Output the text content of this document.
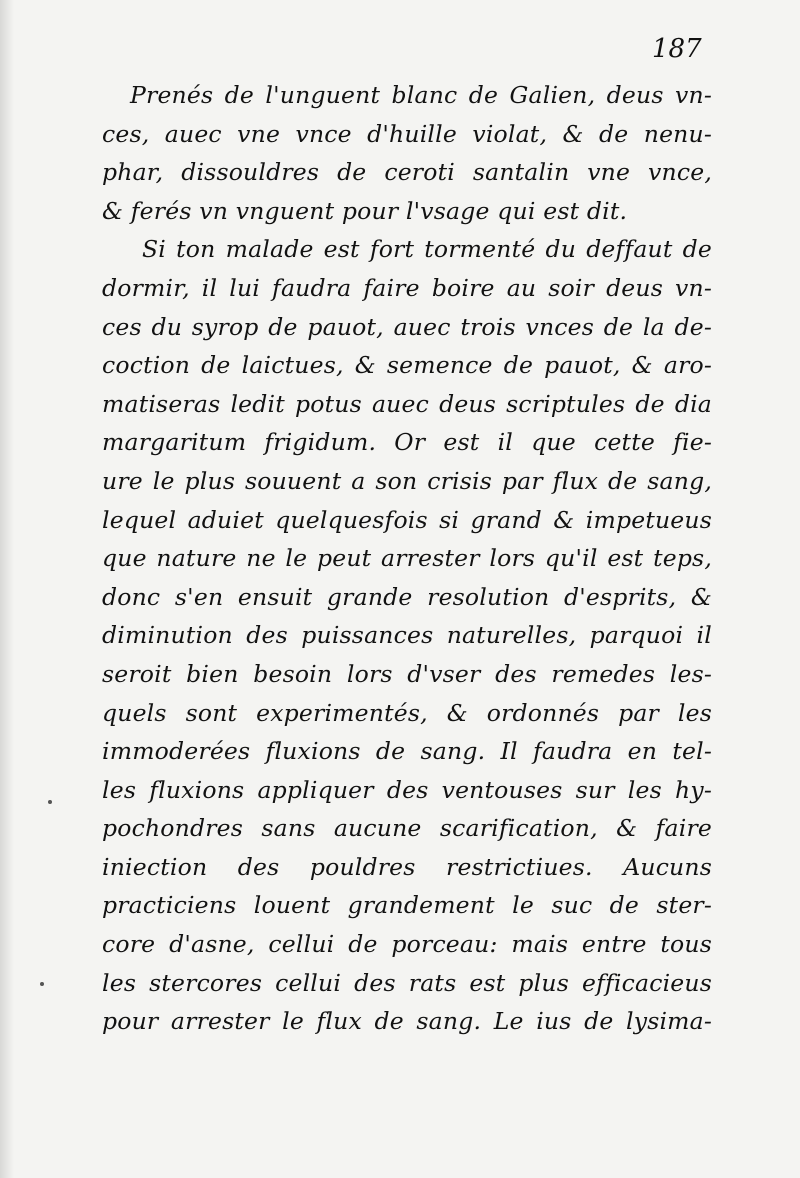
187
Prenés de l'unguent blanc de Galien, deus vn-
ces, auec vne vnce d'huille violat, & de nenu-
phar, dissouldres de ceroti santalin vne vnce,
& ferés vn vnguent pour l'vsage qui est dit.
Si ton malade est fort tormenté du deffaut de
dormir, il lui faudra faire boire au soir deus vn-
ces du syrop de pauot, auec trois vnces de la de-
coction de laictues, & semence de pauot, & aro-
matiseras ledit potus auec deus scriptules de dia
margaritum frigidum. Or est il que cette fie-
ure le plus souuent a son crisis par flux de sang,
lequel aduiet quelquesfois si grand & impetueus
que nature ne le peut arrester lors qu'il est teps,
donc s'en ensuit grande resolution d'esprits, &
diminution des puissances naturelles, parquoi il
seroit bien besoin lors d'vser des remedes les-
quels sont experimentés, & ordonnés par les
immoderées fluxions de sang. Il faudra en tel-
les fluxions appliquer des ventouses sur les hy-
pochondres sans aucune scarification, & faire
iniection des pouldres restrictiues. Aucuns
practiciens louent grandement le suc de ster-
core d'asne, cellui de porceau: mais entre tous
les stercores cellui des rats est plus efficacieus
pour arrester le flux de sang. Le ius de lysima-
